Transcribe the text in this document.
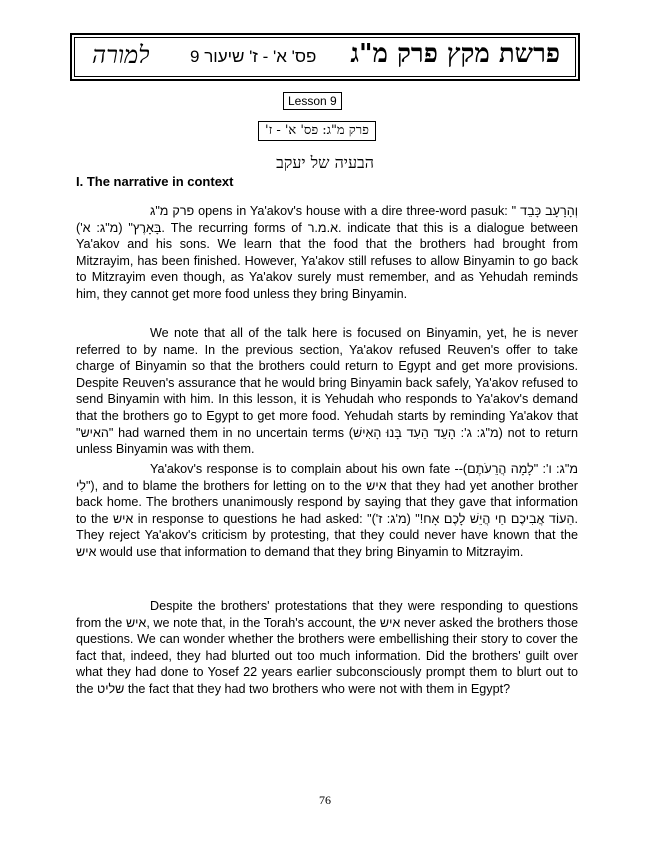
למורה פס' א' - ז' שיעור 9 פרשת מקץ פרק מ"ג
Lesson 9
פרק מ"ג: פס' א' - ז'
הבעיה של יעקב
I. The narrative in context

פרק מ"ג opens in Ya'akov's house with a dire three-word pasuk: " וְהָרָעָב כָּבֵד בָּאָרֶץ" (מ"ג: א'). The recurring forms of א.מ.ר. indicate that this is a dialogue between Ya'akov and his sons. We learn that the food that the brothers had brought from Mitzrayim, has been finished. However, Ya'akov still refuses to allow Binyamin to go back to Mitzrayim even though, as Ya'akov surely must remember, and as Yehudah reminds him, they cannot get more food unless they bring Binyamin.

We note that all of the talk here is focused on Binyamin, yet, he is never referred to by name. In the previous section, Ya'akov refused Reuven's offer to take charge of Binyamin so that the brothers could return to Egypt and get more provisions. Despite Reuven's assurance that he would bring Binyamin back safely, Ya'akov refused to send Binyamin with him. In this lesson, it is Yehudah who responds to Ya'akov's demand that the brothers go to Egypt to get more food. Yehudah starts by reminding Ya'akov that "האיש" had warned them in no uncertain terms (מ"ג: ג': הָעֵד הֵעִד בָּנוּ הָאִישׁ) not to return unless Binyamin was with them.

Ya'akov's response is to complain about his own fate --(מ"ג: ו': "לָמָה הֲרֵעֹתֶם לִי"), and to blame the brothers for letting on to the איש that they had yet another brother back home. The brothers unanimously respond by saying that they gave that information to the איש in response to questions he had asked: "הַעוֹד אֲבִיכֶם חַי הֲיֵשׁ לָכֶם אָח!" (מ'ג: ז'). They reject Ya'akov's criticism by protesting, that they could never have known that the איש would use that information to demand that they bring Binyamin to Mitzrayim.

Despite the brothers' protestations that they were responding to questions from the איש, we note that, in the Torah's account, the איש never asked the brothers those questions. We can wonder whether the brothers were embellishing their story to cover the fact that, indeed, they had blurted out too much information. Did the brothers' guilt over what they had done to Yosef 22 years earlier subconsciously prompt them to blurt out to the שליט the fact that they had two brothers who were not with them in Egypt?

76
